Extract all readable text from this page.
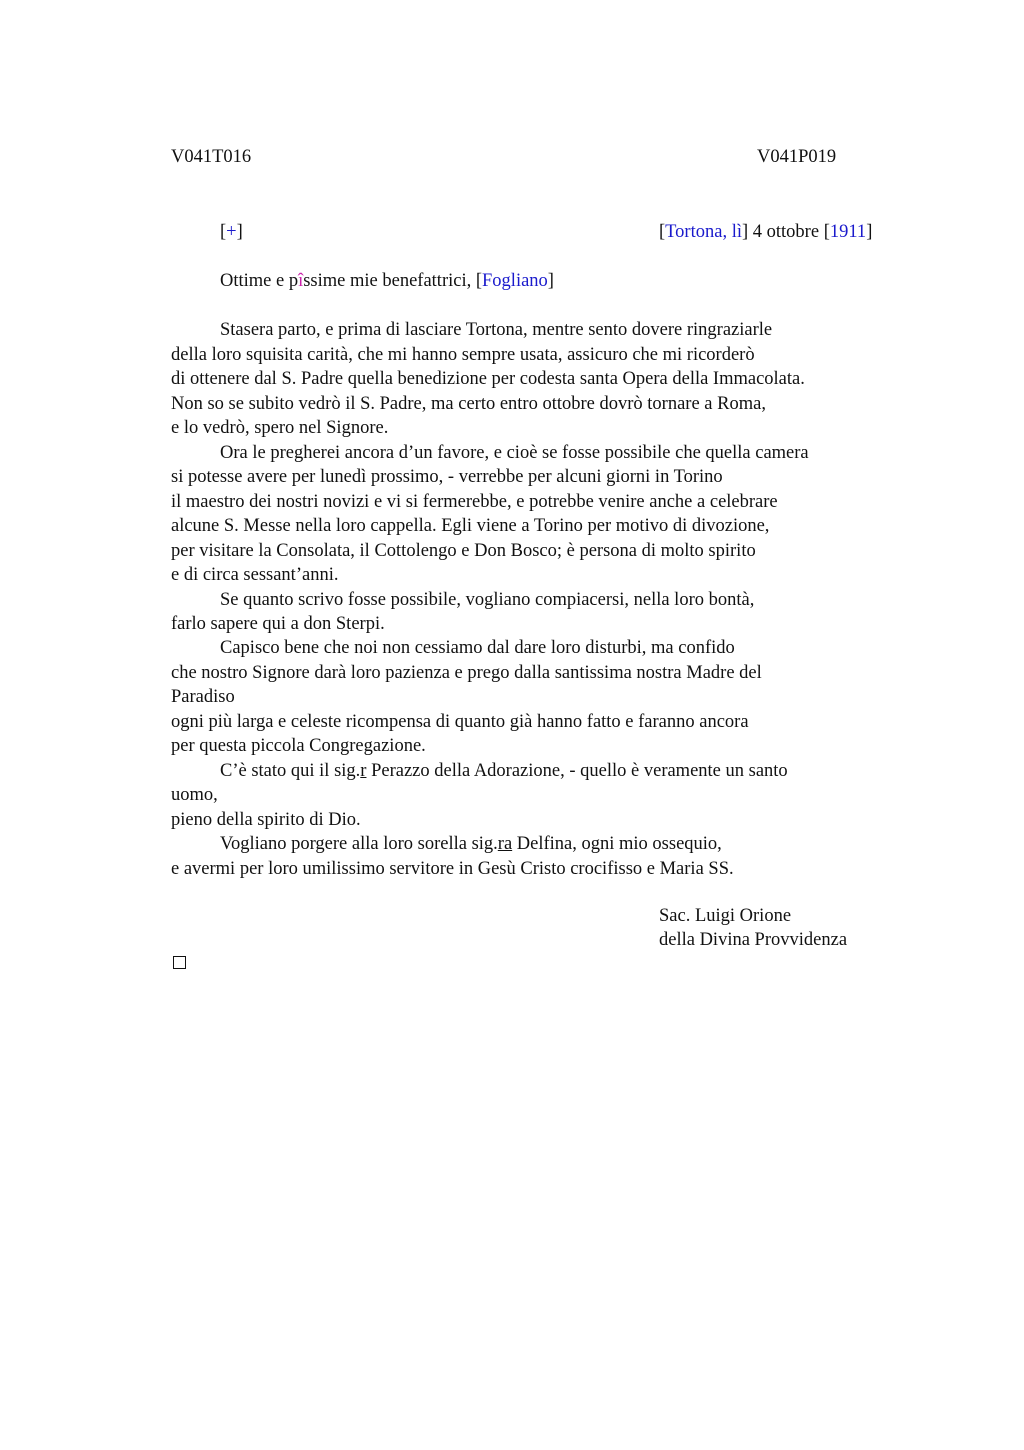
V041T016	V041P019
[+]	[Tortona, lì] 4 ottobre [1911]
Ottime e pîssime mie benefattrici, [Fogliano]
Stasera parto, e prima di lasciare Tortona, mentre sento dovere ringraziarle
della loro squisita carità, che mi hanno sempre usata, assicuro che mi ricorderò
di ottenere dal S. Padre quella benedizione per codesta santa Opera della Immacolata.
Non so se subito vedrò il S. Padre, ma certo entro ottobre dovrò tornare a Roma,
e lo vedrò, spero nel Signore.
Ora le pregherei ancora d’un favore, e cioè se fosse possibile che quella camera
si potesse avere per lunedì prossimo, - verrebbe per alcuni giorni in Torino
il maestro dei nostri novizi e vi si fermerebbe, e potrebbe venire anche a celebrare
alcune S. Messe nella loro cappella. Egli viene a Torino per motivo di divozione,
per visitare la Consolata, il Cottolengo e Don Bosco; è persona di molto spirito
e di circa sessant’anni.
Se quanto scrivo fosse possibile, vogliano compiacersi, nella loro bontà,
farlo sapere qui a don Sterpi.
Capisco bene che noi non cessiamo dal dare loro disturbi, ma confido
che nostro Signore darà loro pazienza e prego dalla santissima nostra Madre del
Paradiso
ogni più larga e celeste ricompensa di quanto già hanno fatto e faranno ancora
per questa piccola Congregazione.
C’è stato qui il sig.r Perazzo della Adorazione, - quello è veramente un santo
uomo,
pieno della spirito di Dio.
Vogliano porgere alla loro sorella sig.ra Delfina, ogni mio ossequio,
e avermi per loro umilissimo servitore in Gesù Cristo crocifisso e Maria SS.
Sac. Luigi Orione
della Divina Provvidenza
